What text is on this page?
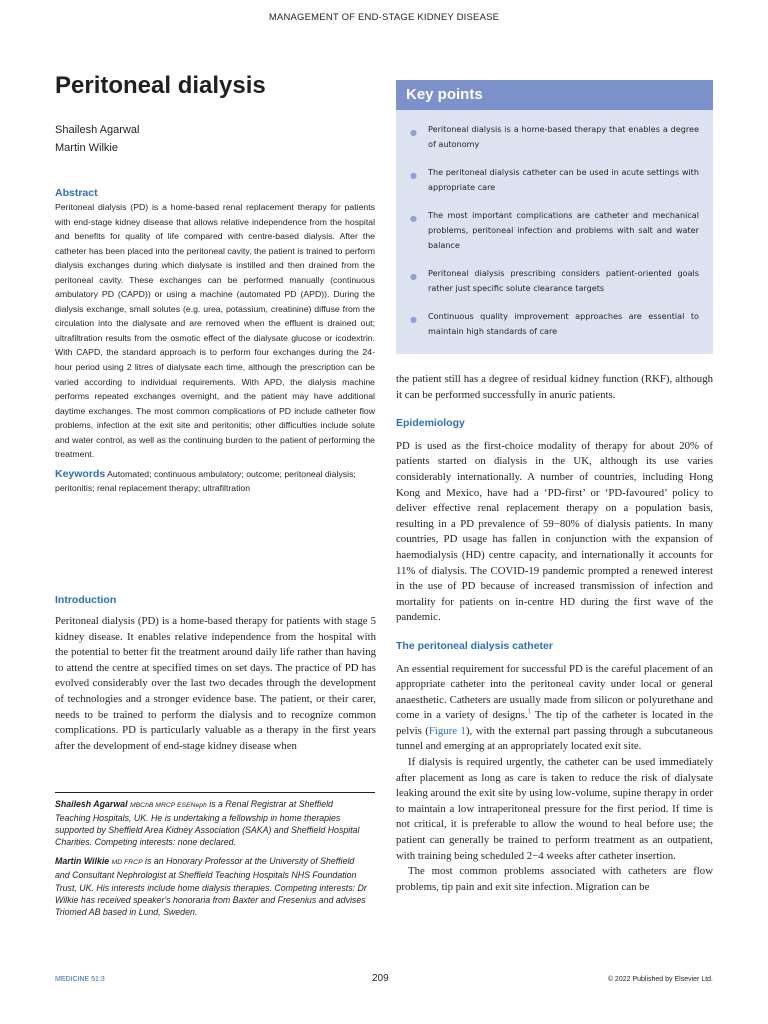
MANAGEMENT OF END-STAGE KIDNEY DISEASE
Peritoneal dialysis
Shailesh Agarwal
Martin Wilkie
Abstract

Peritoneal dialysis (PD) is a home-based renal replacement therapy for patients with end-stage kidney disease that allows relative independence from the hospital and benefits for quality of life compared with centre-based dialysis. After the catheter has been placed into the peritoneal cavity, the patient is trained to perform dialysis exchanges during which dialysate is instilled and then drained from the peritoneal cavity. These exchanges can be performed manually (continuous ambulatory PD (CAPD)) or using a machine (automated PD (APD)). During the dialysis exchange, small solutes (e.g. urea, potassium, creatinine) diffuse from the circulation into the dialysate and are removed when the effluent is drained out; ultrafiltration results from the osmotic effect of the dialysate glucose or icodextrin. With CAPD, the standard approach is to perform four exchanges during the 24-hour period using 2 litres of dialysate each time, although the prescription can be varied according to individual requirements. With APD, the dialysis machine performs repeated exchanges overnight, and the patient may have additional daytime exchanges. The most common complications of PD include catheter flow problems, infection at the exit site and peritonitis; other difficulties include solute and water control, as well as the continuing burden to the patient of performing the treatment.

Keywords Automated; continuous ambulatory; outcome; peritoneal dialysis; peritonitis; renal replacement therapy; ultrafiltration
Introduction

Peritoneal dialysis (PD) is a home-based therapy for patients with stage 5 kidney disease. It enables relative independence from the hospital with the potential to better fit the treatment around daily life rather than having to attend the centre at specified times on set days. The practice of PD has evolved considerably over the last two decades through the development of technologies and a stronger evidence base. The patient, or their carer, needs to be trained to perform the dialysis and to recognize common complications. PD is particularly valuable as a therapy in the first years after the development of end-stage kidney disease when

Shailesh Agarwal MBChB MRCP ESENeph is a Renal Registrar at Sheffield Teaching Hospitals, UK. He is undertaking a fellowship in home therapies supported by Sheffield Area Kidney Association (SAKA) and Sheffield Hospital Charities. Competing interests: none declared.

Martin Wilkie MD FRCP is an Honorary Professor at the University of Sheffield and Consultant Nephrologist at Sheffield Teaching Hospitals NHS Foundation Trust, UK. His interests include home dialysis therapies. Competing interests: Dr Wilkie has received speaker's honoraria from Baxter and Fresenius and advises Triomed AB based in Lund, Sweden.

Key points
● Peritoneal dialysis is a home-based therapy that enables a degree of autonomy
● The peritoneal dialysis catheter can be used in acute settings with appropriate care
● The most important complications are catheter and mechanical problems, peritoneal infection and problems with salt and water balance
● Peritoneal dialysis prescribing considers patient-oriented goals rather just specific solute clearance targets
● Continuous quality improvement approaches are essential to maintain high standards of care

the patient still has a degree of residual kidney function (RKF), although it can be performed successfully in anuric patients.

Epidemiology

PD is used as the first-choice modality of therapy for about 20% of patients started on dialysis in the UK, although its use varies considerably internationally. A number of countries, including Hong Kong and Mexico, have had a ‘PD-first’ or ‘PD-favoured’ policy to deliver effective renal replacement therapy on a population basis, resulting in a PD prevalence of 59−80% of dialysis patients. In many countries, PD usage has fallen in conjunction with the expansion of haemodialysis (HD) centre capacity, and internationally it accounts for 11% of dialysis. The COVID-19 pandemic prompted a renewed interest in the use of PD because of increased transmission of infection and mortality for patients on in-centre HD during the first wave of the pandemic.

The peritoneal dialysis catheter

An essential requirement for successful PD is the careful placement of an appropriate catheter into the peritoneal cavity under local or general anaesthetic. Catheters are usually made from silicon or polyurethane and come in a variety of designs.$^1$ The tip of the catheter is located in the pelvis (Figure 1), with the external part passing through a subcutaneous tunnel and emerging at an appropriately located exit site.

If dialysis is required urgently, the catheter can be used immediately after placement as long as care is taken to reduce the risk of dialysate leaking around the exit site by using low-volume, supine therapy in order to maintain a low intraperitoneal pressure for the first period. If time is not critical, it is preferable to allow the wound to heal before use; the patient can generally be trained to perform treatment as an outpatient, with training being scheduled 2−4 weeks after catheter insertion.

The most common problems associated with catheters are flow problems, tip pain and exit site infection. Migration can be

MEDICINE 51:3	209	© 2022 Published by Elsevier Ltd.
